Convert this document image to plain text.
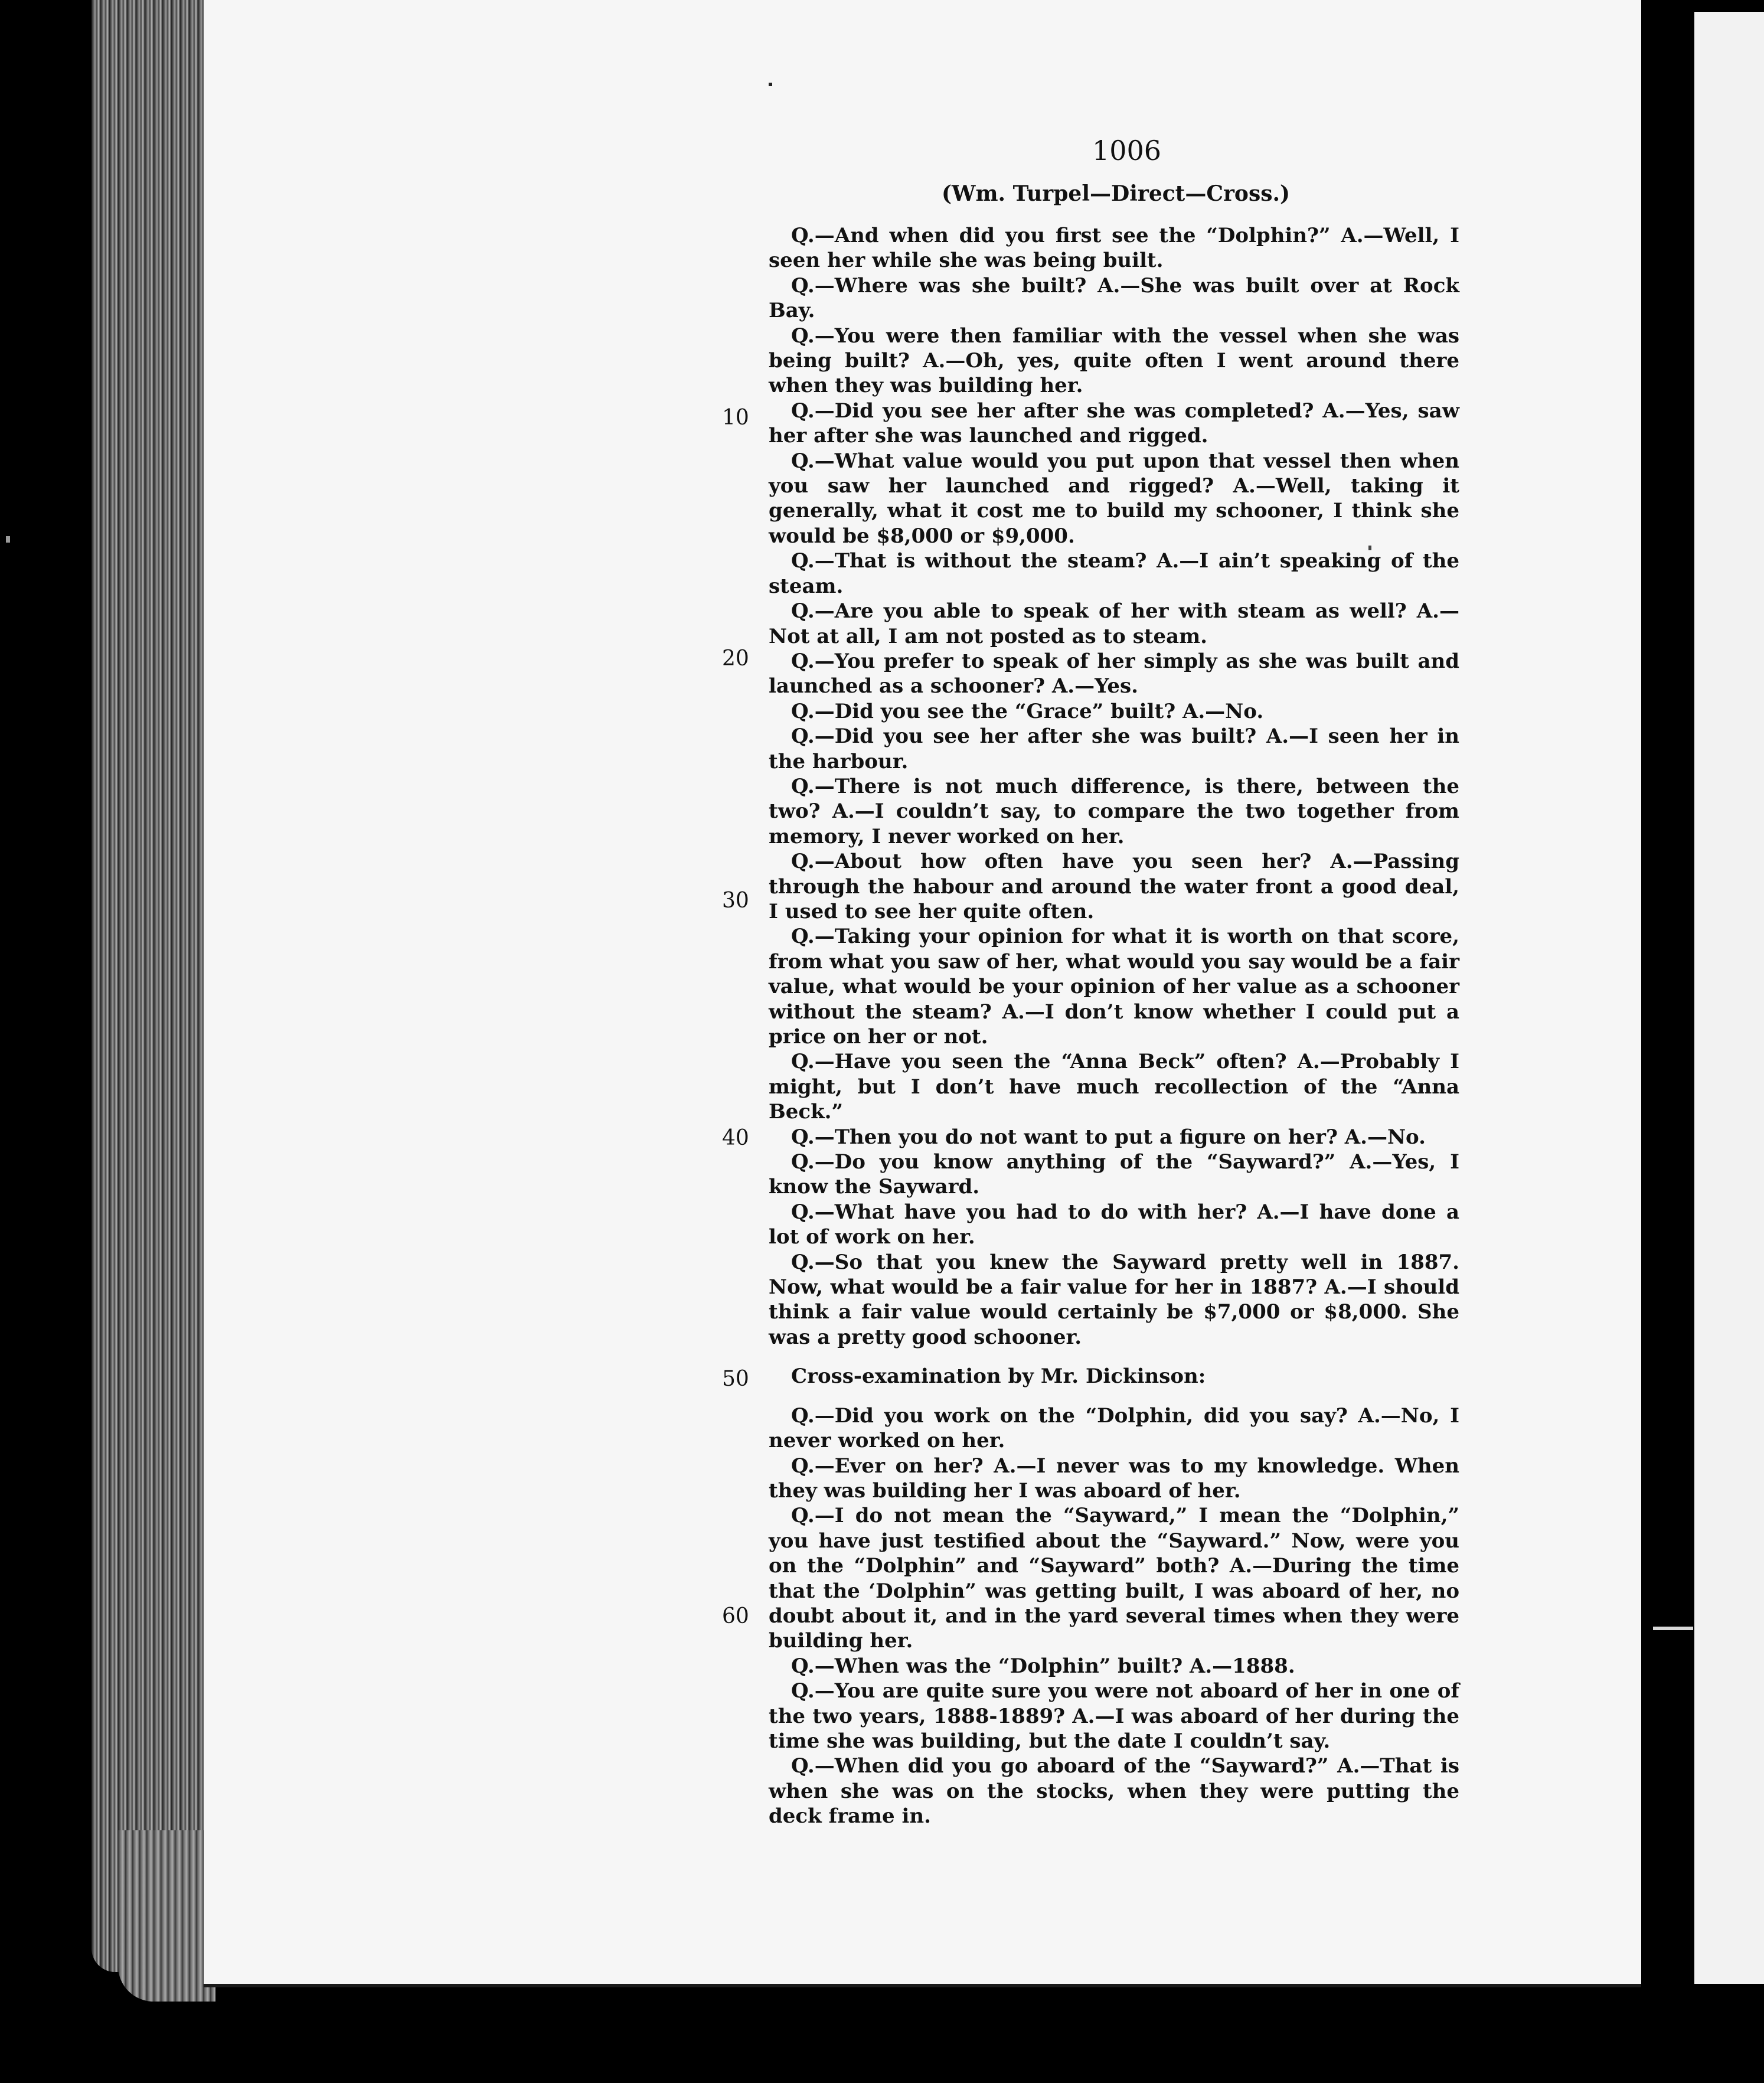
1006
(Wm. Turpel—Direct—Cross.)
10
20
30
40
50
60

Q.—And when did you first see the “Dolphin?” A.—Well, I seen her while she was being built.

Q.—Where was she built? A.—She was built over at Rock Bay.

Q.—You were then familiar with the vessel when she was being built? A.—Oh, yes, quite often I went around there when they was building her.

Q.—Did you see her after she was completed? A.—Yes, saw her after she was launched and rigged.

Q.—What value would you put upon that vessel then when you saw her launched and rigged? A.—Well, taking it generally, what it cost me to build my schooner, I think she would be $8,000 or $9,000.

Q.—That is without the steam? A.—I ain’t speaking of the steam.

Q.—Are you able to speak of her with steam as well? A.—Not at all, I am not posted as to steam.

Q.—You prefer to speak of her simply as she was built and launched as a schooner? A.—Yes.

Q.—Did you see the “Grace” built? A.—No.

Q.—Did you see her after she was built? A.—I seen her in the harbour.

Q.—There is not much difference, is there, between the two? A.—I couldn’t say, to compare the two together from memory, I never worked on her.

Q.—About how often have you seen her? A.—Passing through the habour and around the water front a good deal, I used to see her quite often.

Q.—Taking your opinion for what it is worth on that score, from what you saw of her, what would you say would be a fair value, what would be your opinion of her value as a schooner without the steam? A.—I don’t know whether I could put a price on her or not.

Q.—Have you seen the “Anna Beck” often? A.—Probably I might, but I don’t have much recollection of the “Anna Beck.”

Q.—Then you do not want to put a figure on her? A.—No.

Q.—Do you know anything of the “Sayward?” A.—Yes, I know the Sayward.

Q.—What have you had to do with her? A.—I have done a lot of work on her.

Q.—So that you knew the Sayward pretty well in 1887. Now, what would be a fair value for her in 1887? A.—I should think a fair value would certainly be $7,000 or $8,000. She was a pretty good schooner.

Cross-examination by Mr. Dickinson:

Q.—Did you work on the “Dolphin, did you say? A.—No, I never worked on her.

Q.—Ever on her? A.—I never was to my knowledge. When they was building her I was aboard of her.

Q.—I do not mean the “Sayward,” I mean the “Dolphin,” you have just testified about the “Sayward.” Now, were you on the “Dolphin” and “Sayward” both? A.—During the time that the ‘Dolphin” was getting built, I was aboard of her, no doubt about it, and in the yard several times when they were building her.

Q.—When was the “Dolphin” built? A.—1888.

Q.—You are quite sure you were not aboard of her in one of the two years, 1888-1889? A.—I was aboard of her during the time she was building, but the date I couldn’t say.

Q.—When did you go aboard of the “Sayward?” A.—That is when she was on the stocks, when they were putting the deck frame in.
